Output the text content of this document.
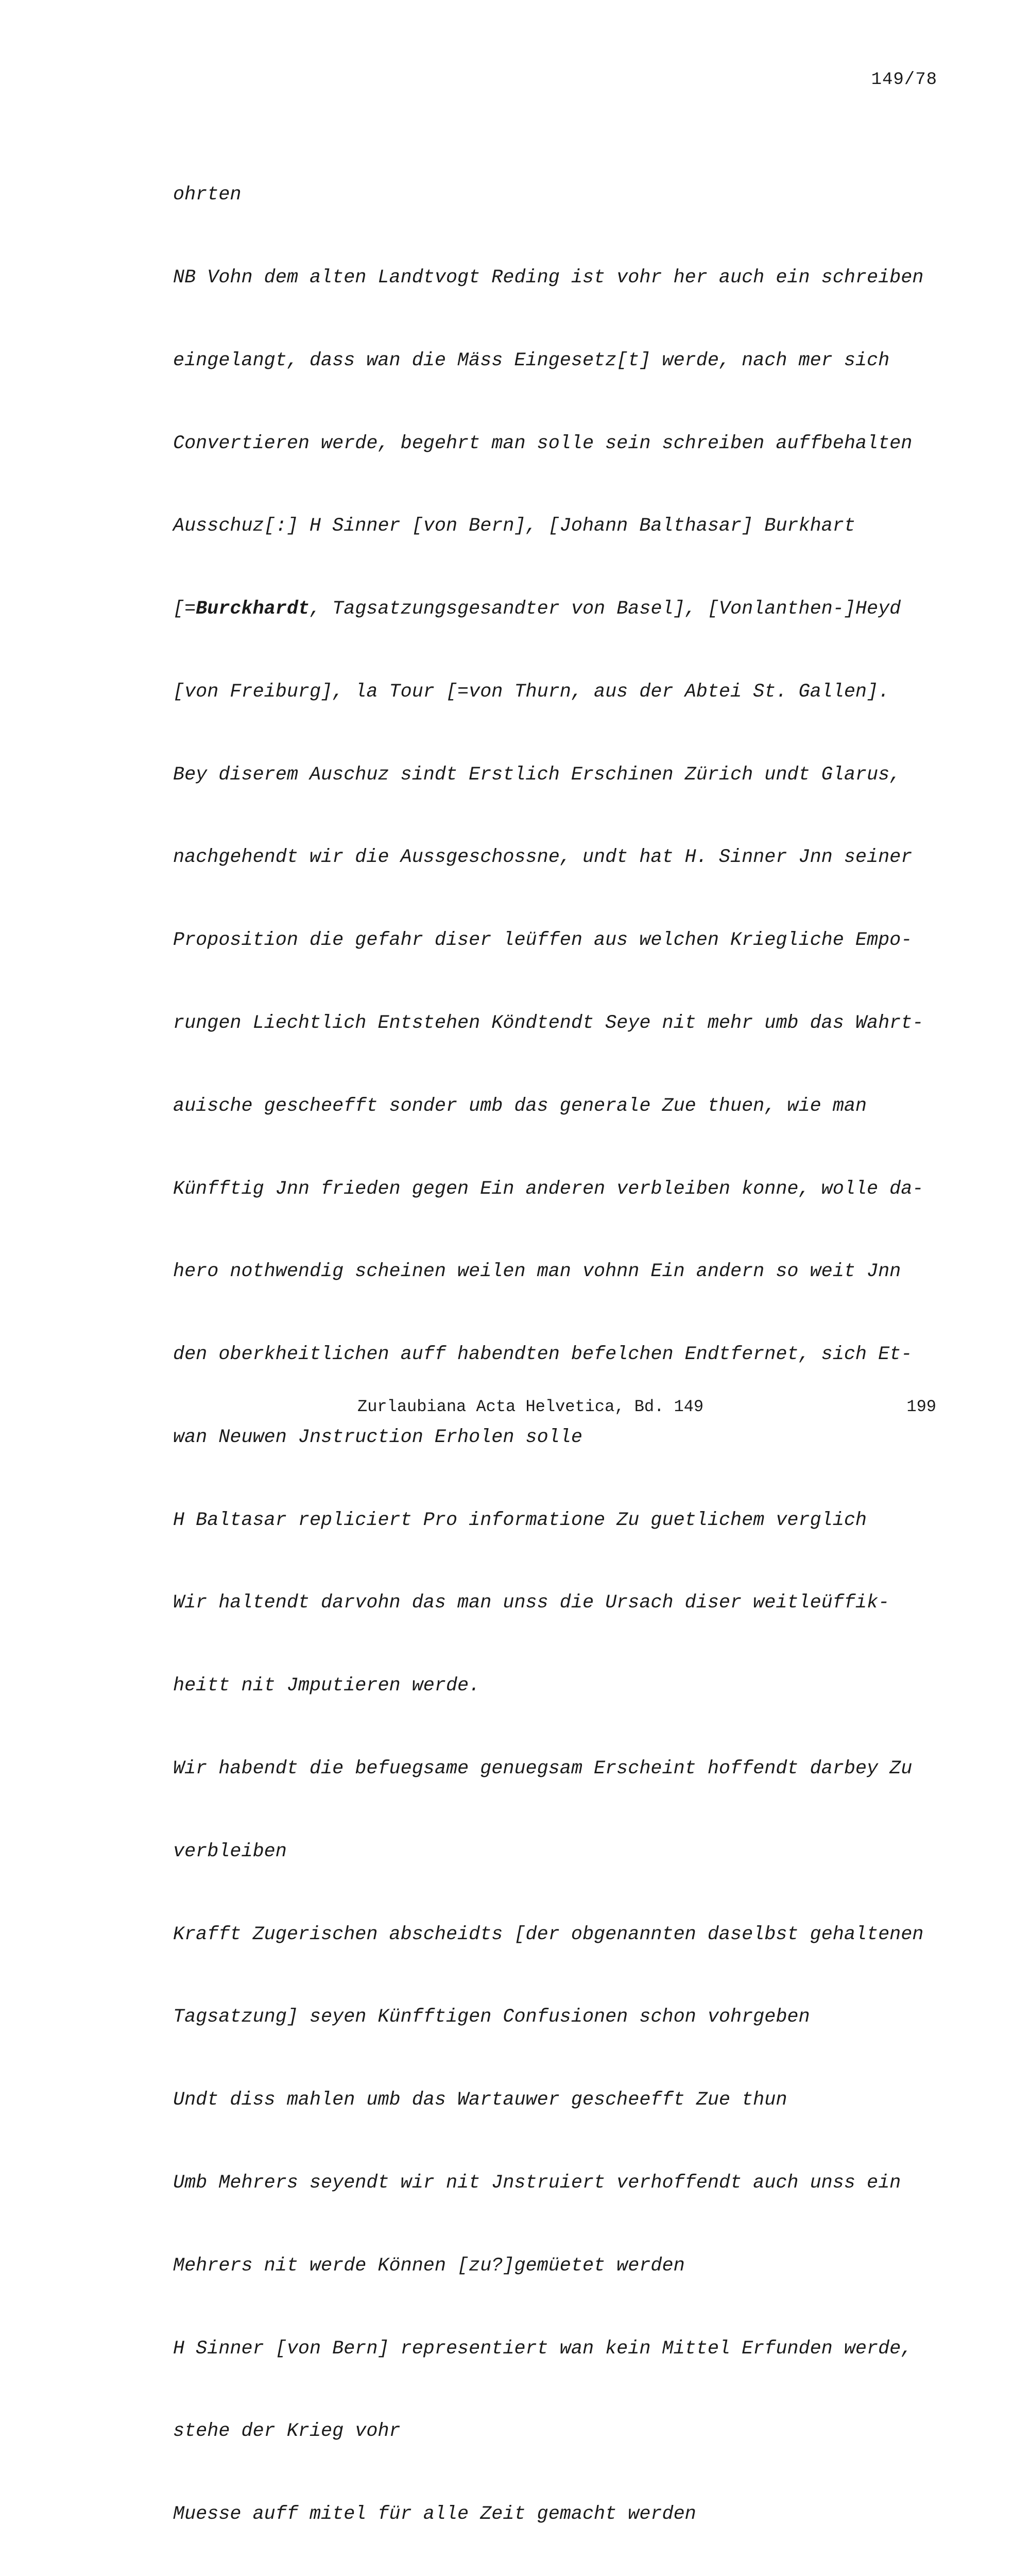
149/78

ohrten

NB Vohn dem alten Landtvogt Reding ist vohr her auch ein schreiben

eingelangt, dass wan die Mäss Eingesetz[t] werde, nach mer sich

Convertieren werde, begehrt man solle sein schreiben auffbehalten

Ausschuz[:] H Sinner [von Bern], [Johann Balthasar] Burkhart

[=Burckhardt, Tagsatzungsgesandter von Basel], [Vonlanthen-]Heyd

[von Freiburg], la Tour [=von Thurn, aus der Abtei St. Gallen].

Bey diserem Auschuz sindt Erstlich Erschinen Zürich undt Glarus,

nachgehendt wir die Aussgeschossne, undt hat H. Sinner Jnn seiner

Proposition die gefahr diser leüffen aus welchen Kriegliche Empo-

rungen Liechtlich Entstehen Köndtendt Seye nit mehr umb das Wahrt-

auische gescheefft sonder umb das generale Zue thuen, wie man

Künfftig Jnn frieden gegen Ein anderen verbleiben konne, wolle da-

hero nothwendig scheinen weilen man vohnn Ein andern so weit Jnn

den oberkheitlichen auff habendten befelchen Endtfernet, sich Et-

wan Neuwen Jnstruction Erholen solle

H Baltasar repliciert Pro informatione Zu guetlichem verglich

Wir haltendt darvohn das man unss die Ursach diser weitleüffik-

heitt nit Jmputieren werde.

Wir habendt die befuegsame genuegsam Erscheint hoffendt darbey Zu

verbleiben

Krafft Zugerischen abscheidts [der obgenannten daselbst gehaltenen

Tagsatzung] seyen Künfftigen Confusionen schon vohrgeben

Undt diss mahlen umb das Wartauwer gescheefft Zue thun

Umb Mehrers seyendt wir nit Jnstruiert verhoffendt auch unss ein

Mehrers nit werde Können [zu?]gemüetet werden

H Sinner [von Bern] representiert wan kein Mittel Erfunden werde,

stehe der Krieg vohr

Muesse auff mitel für alle Zeit gemacht werden

Zurlaubiana Acta Helvetica, Bd. 149	199
